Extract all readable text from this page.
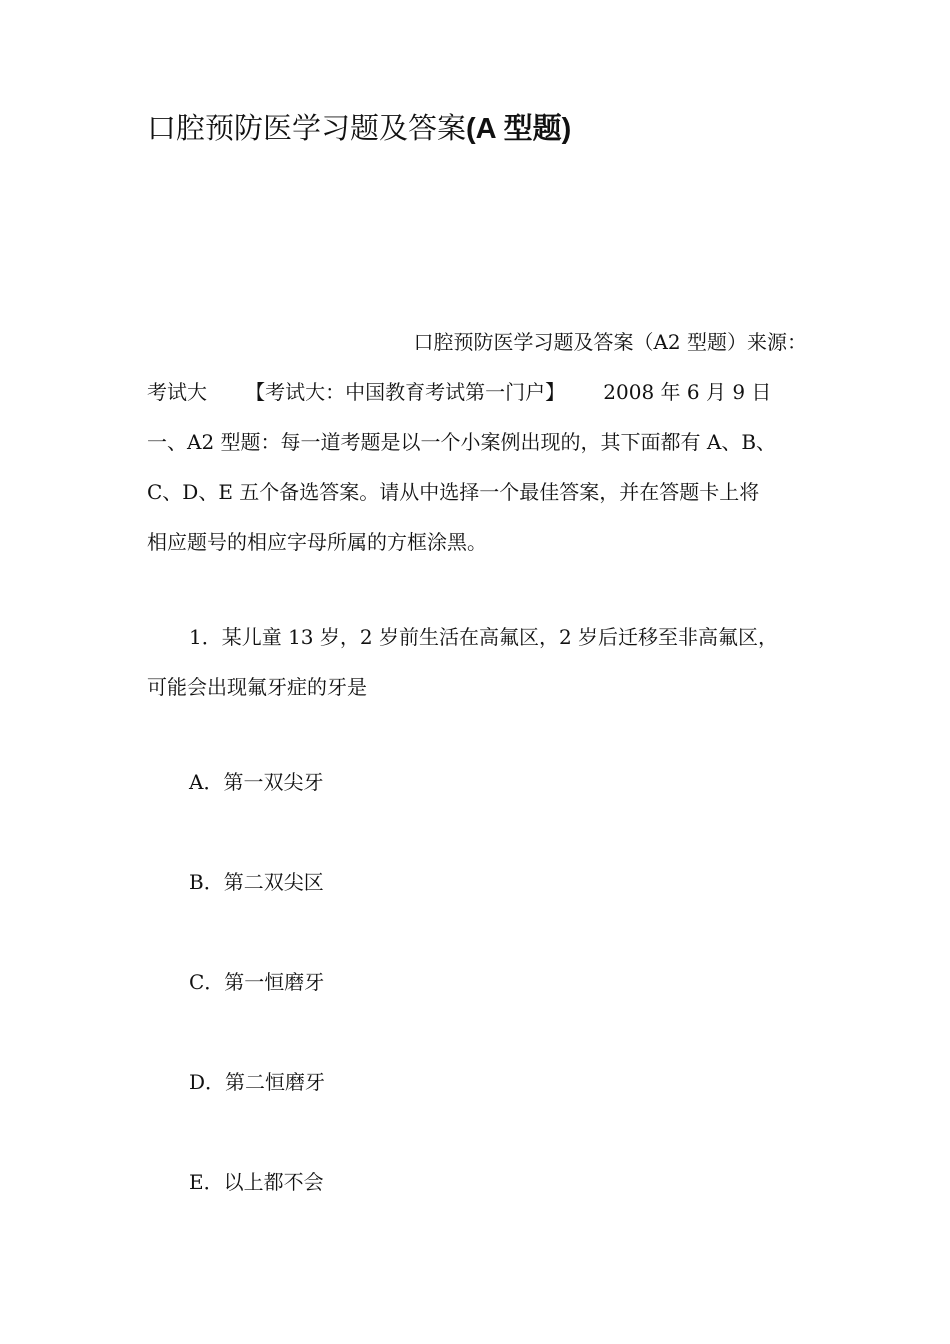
口腔预防医学习题及答案(A 型题)
口腔预防医学习题及答案（A2 型题）来源：
考试大      【考试大：中国教育考试第一门户】      2008 年 6 月 9 日
一、A2 型题：每一道考题是以一个小案例出现的，其下面都有 A、B、
C、D、E 五个备选答案。请从中选择一个最佳答案，并在答题卡上将
相应题号的相应字母所属的方框涂黑。
1．某儿童 13 岁，2 岁前生活在高氟区，2 岁后迁移至非高氟区，
可能会出现氟牙症的牙是
A．第一双尖牙
B．第二双尖区
C．第一恒磨牙
D．第二恒磨牙
E．以上都不会
